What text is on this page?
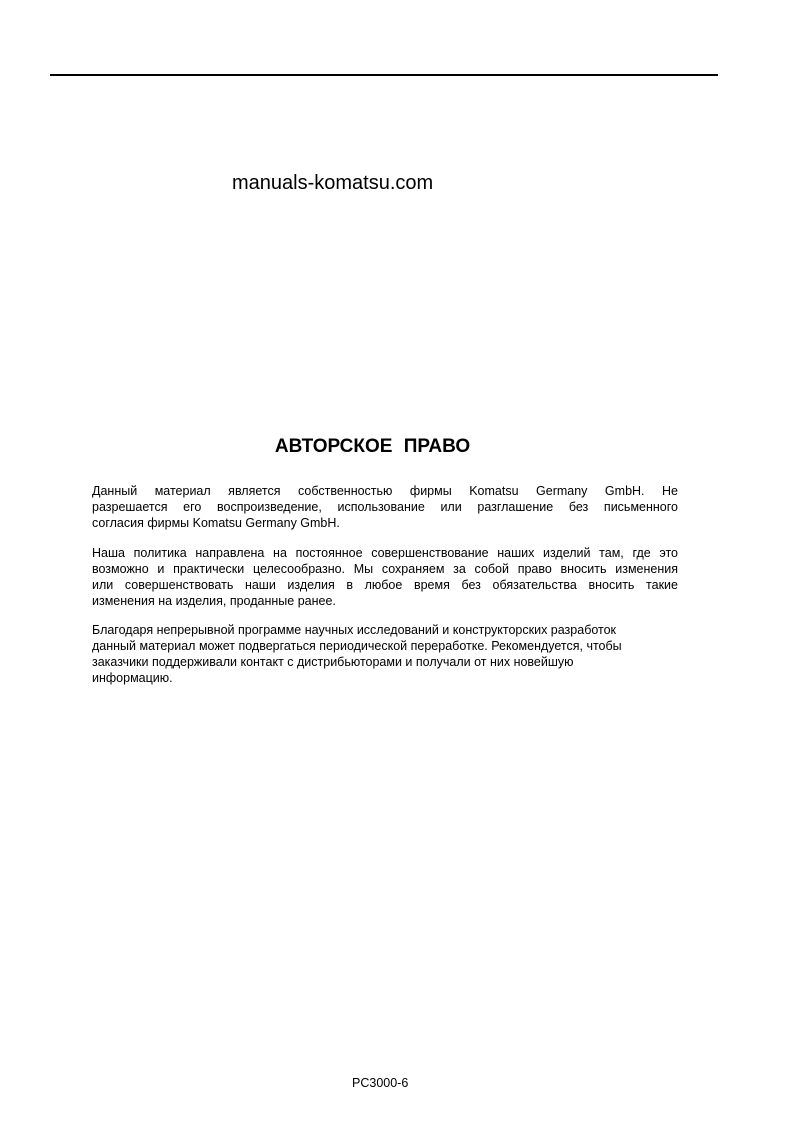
manuals-komatsu.com
АВТОРСКОЕ ПРАВО
Данный материал является собственностью фирмы Komatsu Germany GmbH. Не
разрешается его воспроизведение, использование или разглашение без письменного
согласия фирмы Komatsu Germany GmbH.
Наша политика направлена на постоянное совершенствование наших изделий там, где это
возможно и практически целесообразно. Мы сохраняем за собой право вносить изменения
или совершенствовать наши изделия в любое время без обязательства вносить такие
изменения на изделия, проданные ранее.
Благодаря непрерывной программе научных исследований и конструкторских разработок
данный материал может подвергаться периодической переработке. Рекомендуется, чтобы
заказчики поддерживали контакт с дистрибьюторами и получали от них новейшую
информацию.
PC3000-6
